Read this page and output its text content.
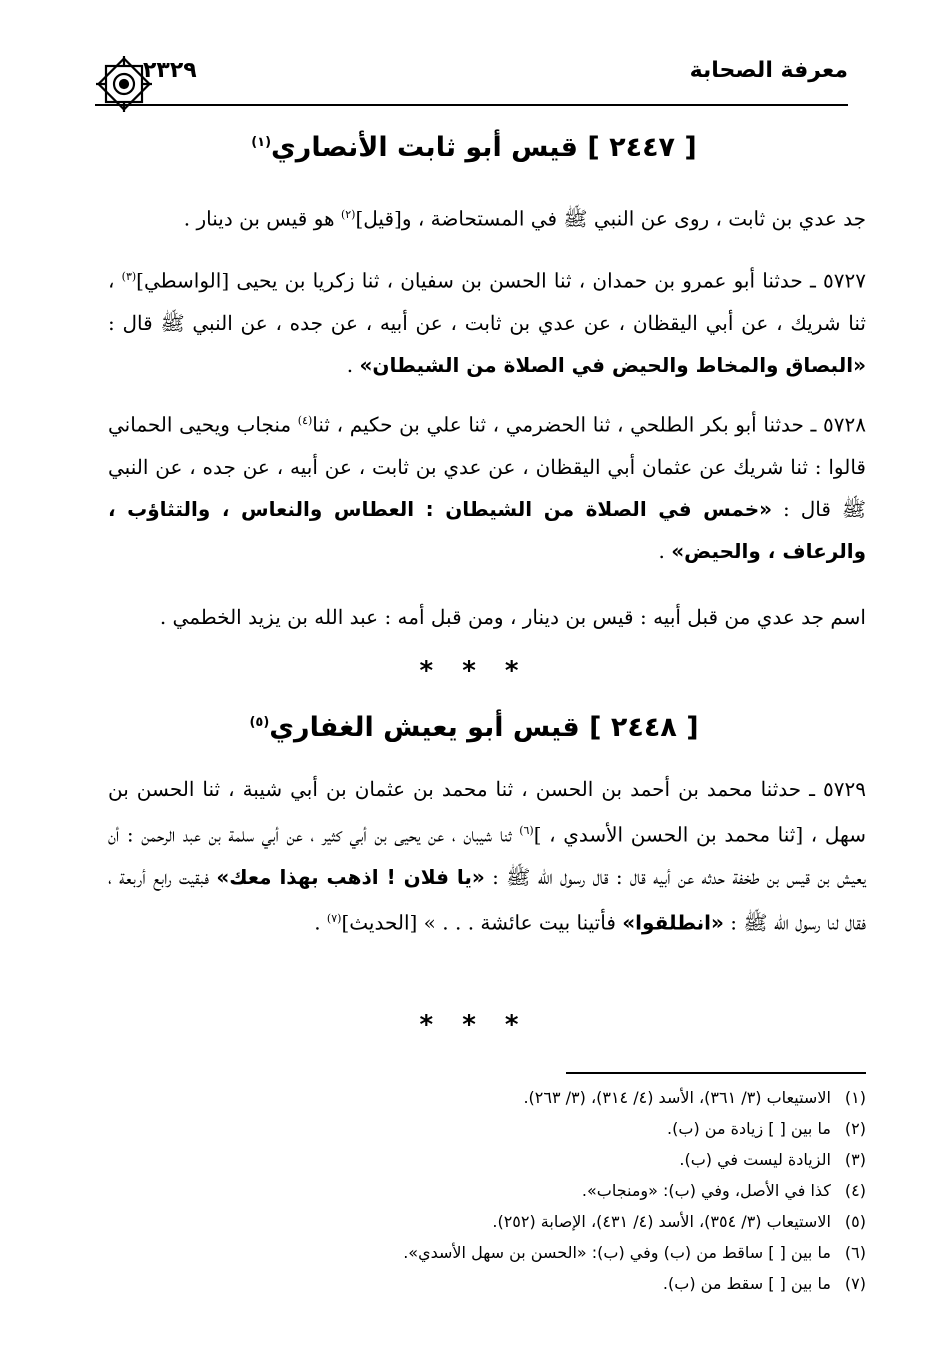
معرفة الصحابة
٢٣٢٩
[ ٢٤٤٧ ] قيس أبو ثابت الأنصاري$^{(١)}$

جد عدي بن ثابت ، روى عن النبي ﷺ في المستحاضة ، و[قيل]$^{(٢)}$ هو قيس بن دينار .

٥٧٢٧ ـ حدثنا أبو عمرو بن حمدان ، ثنا الحسن بن سفيان ، ثنا زكريا بن يحيى [الواسطي]$^{(٣)}$ ، ثنا شريك ، عن أبي اليقظان ، عن عدي بن ثابت ، عن أبيه ، عن جده ، عن النبي ﷺ قال : «البصاق والمخاط والحيض في الصلاة من الشيطان» .

٥٧٢٨ ـ حدثنا أبو بكر الطلحي ، ثنا الحضرمي ، ثنا علي بن حكيم ، ثنا$^{(٤)}$ منجاب ويحيى الحماني قالوا : ثنا شريك عن عثمان أبي اليقظان ، عن عدي بن ثابت ، عن أبيه ، عن جده ، عن النبي ﷺ قال : «خمس في الصلاة من الشيطان : العطاس والنعاس ، والتثاؤب ، والرعاف ، والحيض» .

اسم جد عدي من قبل أبيه : قيس بن دينار ، ومن قبل أمه : عبد الله بن يزيد الخطمي .

* * *
[ ٢٤٤٨ ] قيس أبو يعيش الغفاري$^{(٥)}$

٥٧٢٩ ـ حدثنا محمد بن أحمد بن الحسن ، ثنا محمد بن عثمان بن أبي شيبة ، ثنا الحسن بن سهل ، [ثنا محمد بن الحسن الأسدي ، ]$^{(٦)}$ ثنا شيبان ، عن يحيى بن أبي كثير ، عن أبي سلمة بن عبد الرحمن : أن يعيش بن قيس بن طخفة حدثه عن أبيه قال : قال رسول الله ﷺ : «يا فلان ! اذهب بهذا معك» فبقيت رابع أربعة ، فقال لنا رسول الله ﷺ : «انطلقوا» فأتينا بيت عائشة . . . » [الحديث]$^{(٧)}$ .

* * *
(١) الاستيعاب (٣/ ٣٦١)، الأسد (٤/ ٣١٤)، (٣/ ٢٦٣).
(٢) ما بين [ ] زيادة من (ب).
(٣) الزيادة ليست في (ب).
(٤) كذا في الأصل، وفي (ب): «ومنجاب».
(٥) الاستيعاب (٣/ ٣٥٤)، الأسد (٤/ ٤٣١)، الإصابة (٢٥٢).
(٦) ما بين [ ] ساقط من (ب) وفي (ب): «الحسن بن سهل الأسدي».
(٧) ما بين [ ] سقط من (ب).
